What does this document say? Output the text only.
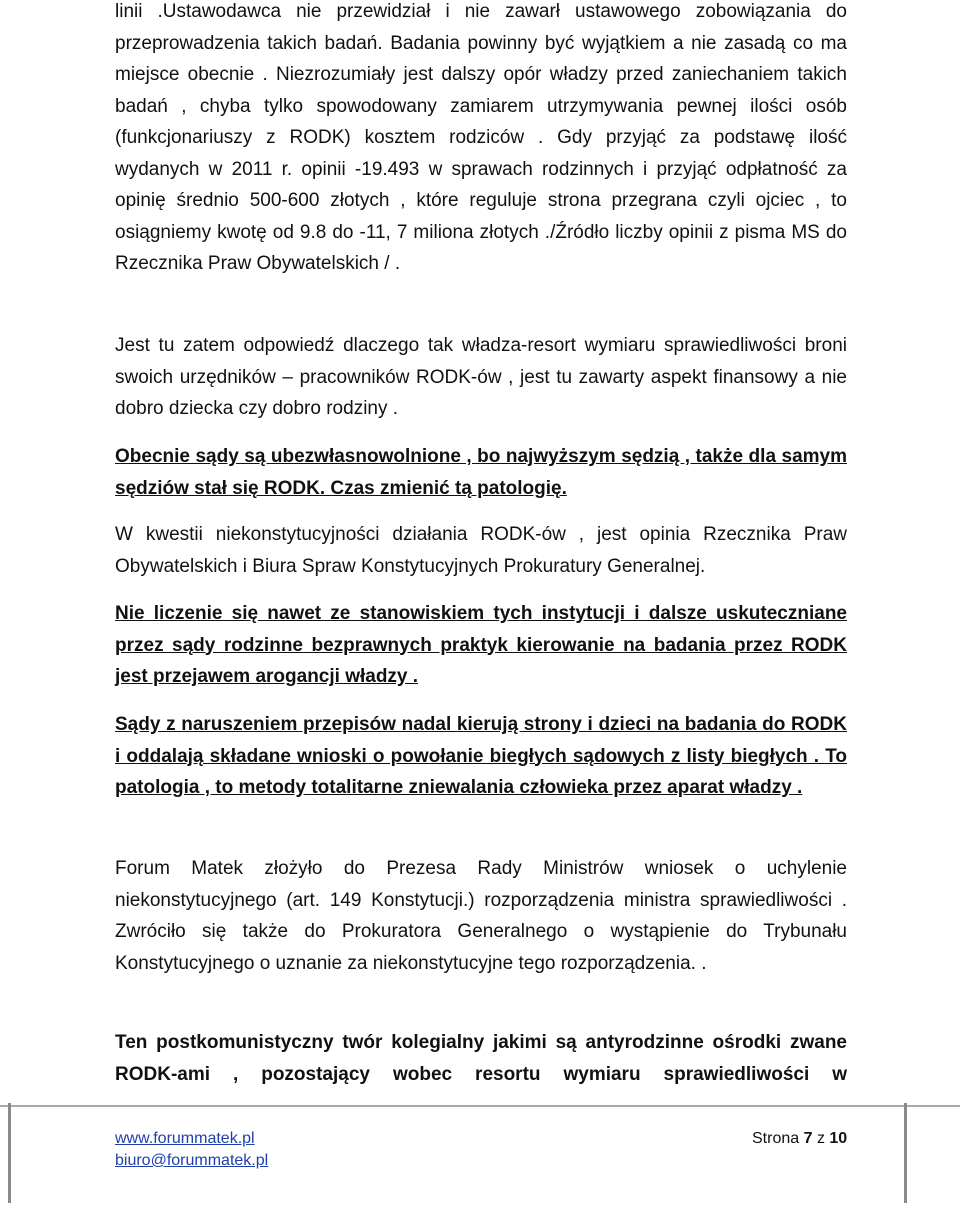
linii .Ustawodawca nie przewidział i nie zawarł ustawowego zobowiązania do przeprowadzenia takich badań. Badania powinny być wyjątkiem a nie zasadą co ma miejsce obecnie . Niezrozumiały jest dalszy opór władzy przed zaniechaniem takich badań , chyba tylko spowodowany zamiarem utrzymywania pewnej ilości osób (funkcjonariuszy z RODK) kosztem rodziców . Gdy przyjąć za podstawę ilość wydanych w 2011 r. opinii -19.493 w sprawach rodzinnych i przyjąć odpłatność za opinię średnio 500-600 złotych , które reguluje strona przegrana czyli ojciec , to osiągniemy kwotę od 9.8 do -11, 7 miliona złotych ./Źródło liczby opinii z pisma MS do Rzecznika Praw Obywatelskich / .

Jest tu zatem odpowiedź dlaczego tak władza-resort wymiaru sprawiedliwości broni swoich urzędników – pracowników RODK-ów , jest tu zawarty aspekt finansowy a nie dobro dziecka czy dobro rodziny .

Obecnie sądy są ubezwłasnowolnione , bo najwyższym sędzią , także dla samym sędziów stał się RODK. Czas zmienić tą patologię.

W kwestii niekonstytucyjności działania RODK-ów , jest opinia Rzecznika Praw Obywatelskich i Biura Spraw Konstytucyjnych Prokuratury Generalnej.

Nie liczenie się nawet ze stanowiskiem tych instytucji i dalsze uskuteczniane przez sądy rodzinne bezprawnych praktyk kierowanie na badania przez RODK jest przejawem arogancji władzy .

Sądy z naruszeniem przepisów nadal kierują strony i dzieci na badania do RODK i oddalają składane wnioski o powołanie biegłych sądowych z listy biegłych . To patologia , to metody totalitarne zniewalania człowieka przez aparat władzy .

Forum Matek złożyło do Prezesa Rady Ministrów wniosek o uchylenie niekonstytucyjnego (art. 149 Konstytucji.) rozporządzenia ministra sprawiedliwości . Zwróciło się także do Prokuratora Generalnego o wystąpienie do Trybunału Konstytucyjnego o uznanie za niekonstytucyjne tego rozporządzenia. .

Ten postkomunistyczny twór kolegialny jakimi są antyrodzinne ośrodki zwane RODK-ami , pozostający wobec resortu wymiaru sprawiedliwości w

www.forummatek.pl
biuro@forummatek.pl
Strona 7 z 10
